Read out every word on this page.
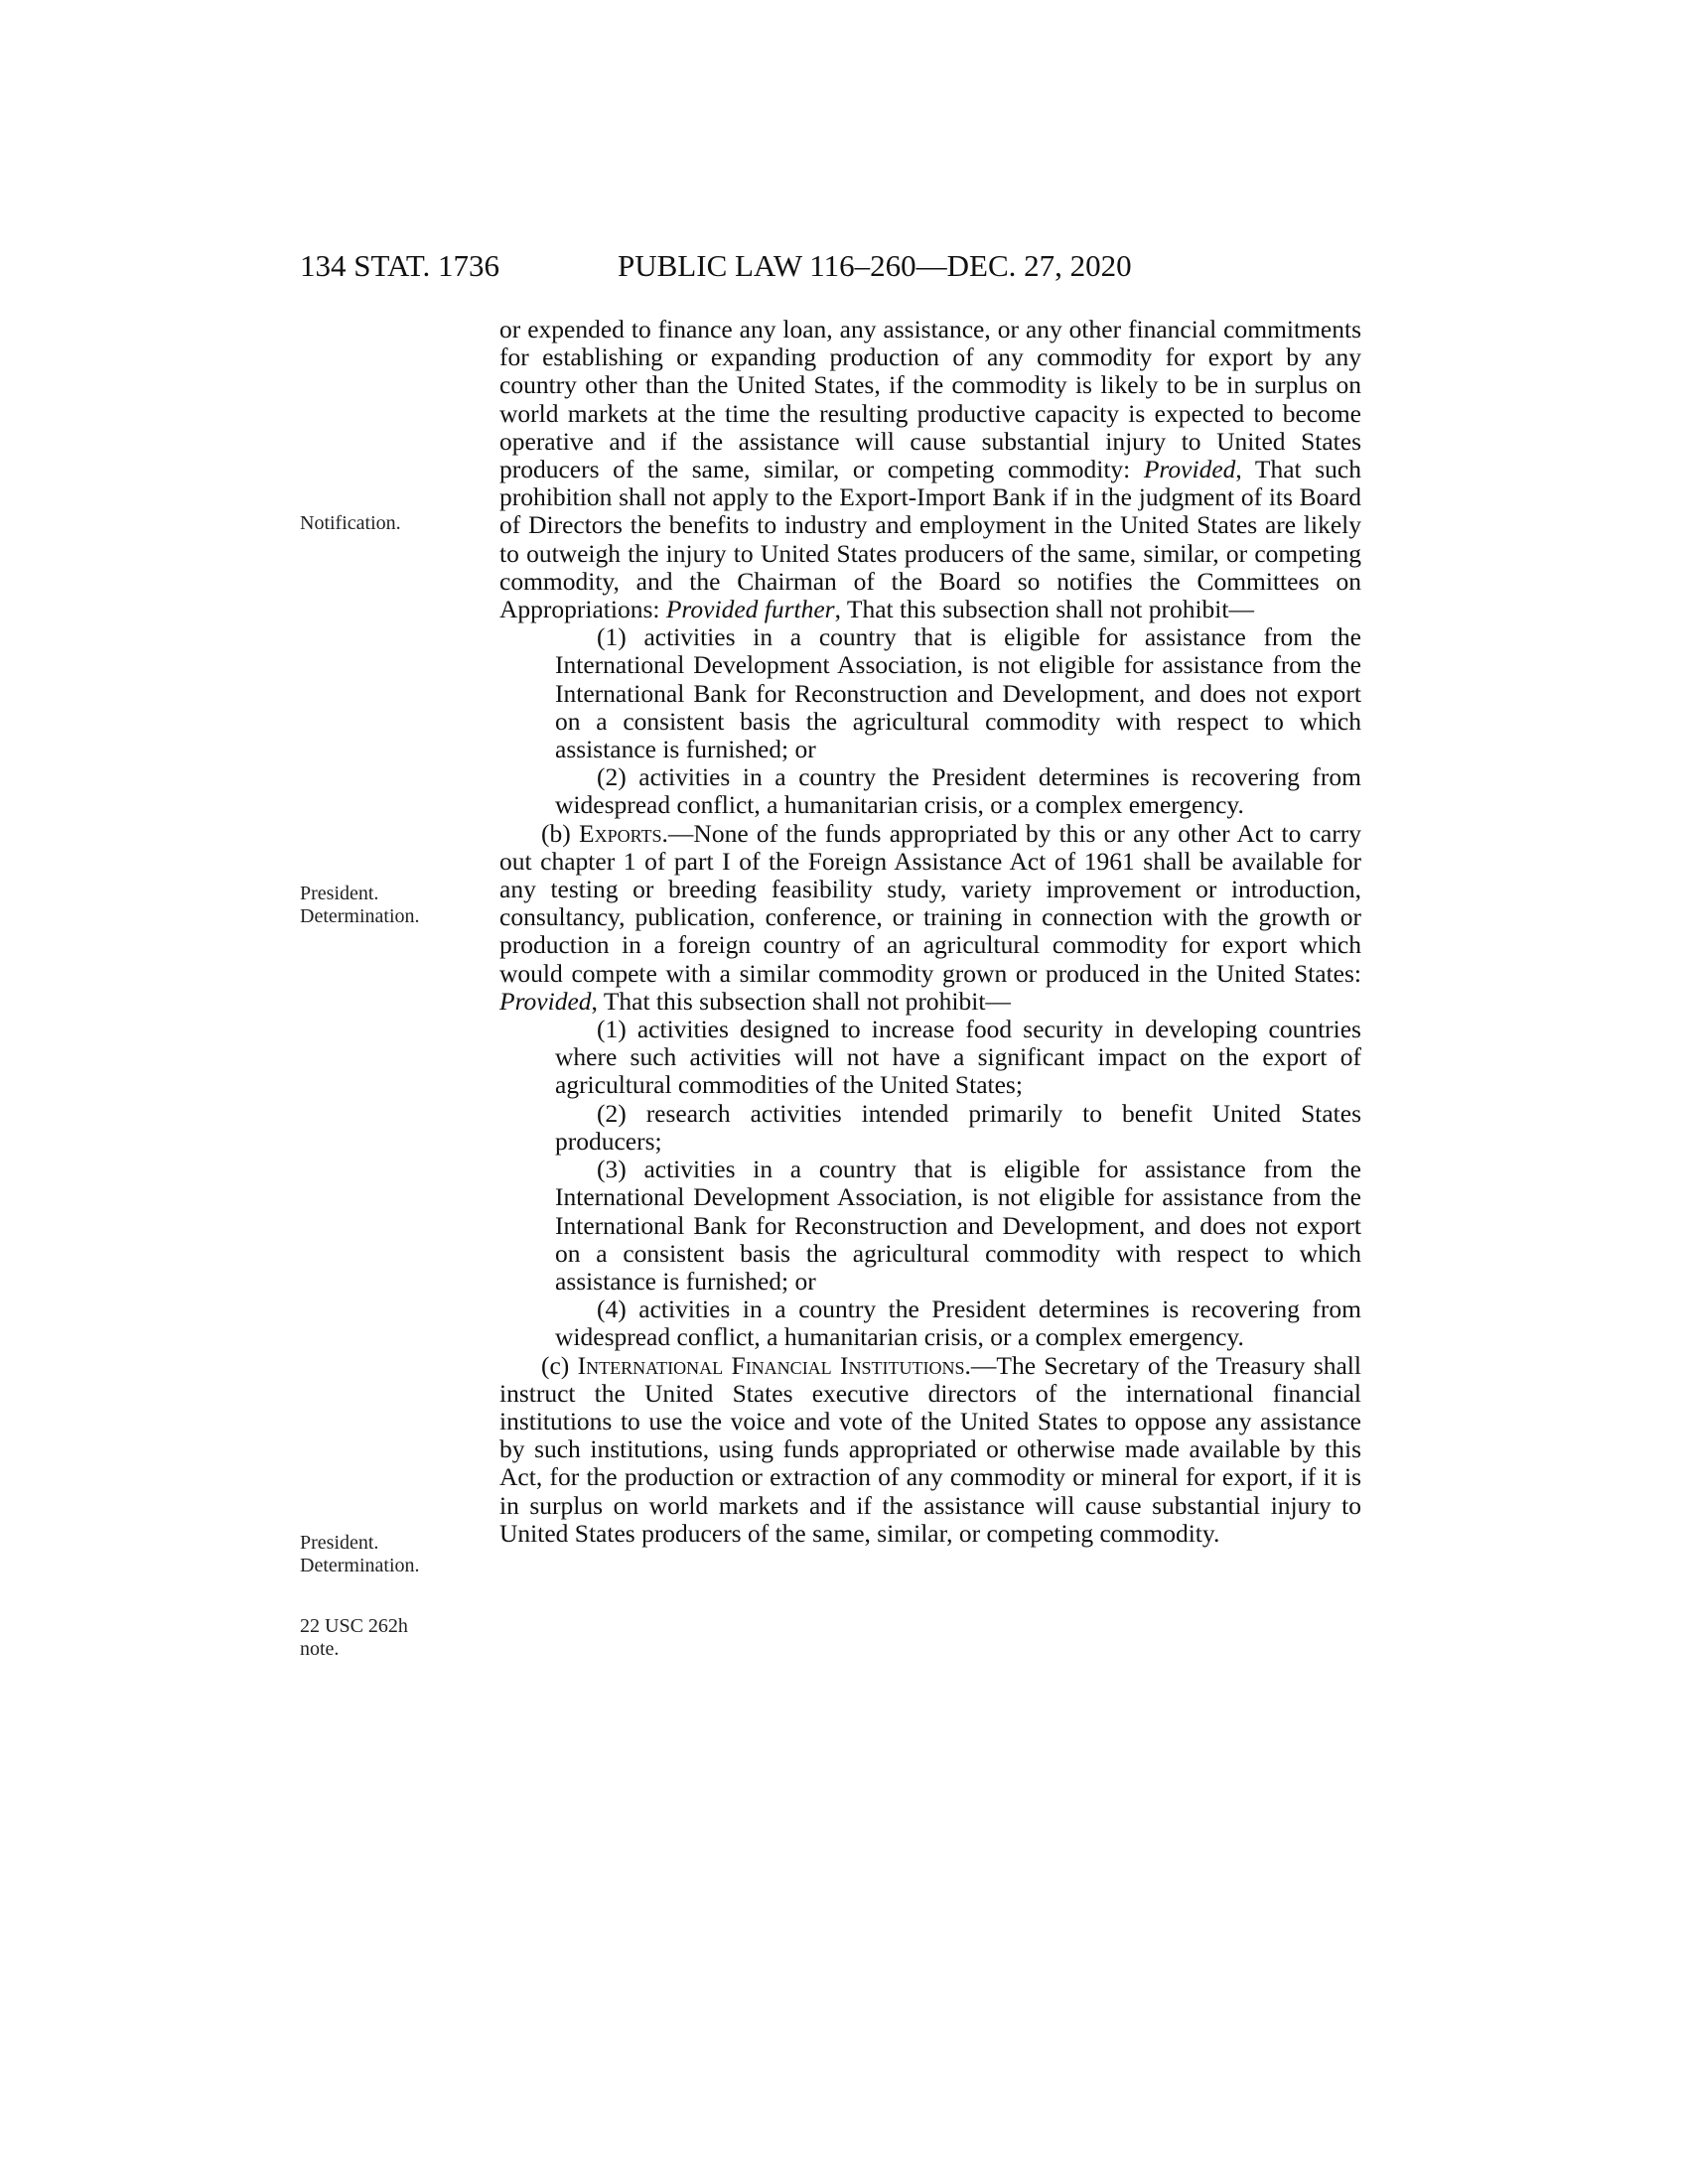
134 STAT. 1736	PUBLIC LAW 116–260—DEC. 27, 2020
Notification.
President.
Determination.
President.
Determination.
22 USC 262h
note.

or expended to finance any loan, any assistance, or any other financial commitments for establishing or expanding production of any commodity for export by any country other than the United States, if the commodity is likely to be in surplus on world markets at the time the resulting productive capacity is expected to become operative and if the assistance will cause substantial injury to United States producers of the same, similar, or competing commodity: Provided, That such prohibition shall not apply to the Export-Import Bank if in the judgment of its Board of Directors the benefits to industry and employment in the United States are likely to outweigh the injury to United States producers of the same, similar, or competing commodity, and the Chairman of the Board so notifies the Committees on Appropriations: Provided further, That this subsection shall not prohibit—

(1) activities in a country that is eligible for assistance from the International Development Association, is not eligible for assistance from the International Bank for Reconstruction and Development, and does not export on a consistent basis the agricultural commodity with respect to which assistance is furnished; or

(2) activities in a country the President determines is recovering from widespread conflict, a humanitarian crisis, or a complex emergency.

(b) Exports.—None of the funds appropriated by this or any other Act to carry out chapter 1 of part I of the Foreign Assistance Act of 1961 shall be available for any testing or breeding feasibility study, variety improvement or introduction, consultancy, publication, conference, or training in connection with the growth or production in a foreign country of an agricultural commodity for export which would compete with a similar commodity grown or produced in the United States: Provided, That this subsection shall not prohibit—

(1) activities designed to increase food security in developing countries where such activities will not have a significant impact on the export of agricultural commodities of the United States;

(2) research activities intended primarily to benefit United States producers;

(3) activities in a country that is eligible for assistance from the International Development Association, is not eligible for assistance from the International Bank for Reconstruction and Development, and does not export on a consistent basis the agricultural commodity with respect to which assistance is furnished; or

(4) activities in a country the President determines is recovering from widespread conflict, a humanitarian crisis, or a complex emergency.

(c) International Financial Institutions.—The Secretary of the Treasury shall instruct the United States executive directors of the international financial institutions to use the voice and vote of the United States to oppose any assistance by such institutions, using funds appropriated or otherwise made available by this Act, for the production or extraction of any commodity or mineral for export, if it is in surplus on world markets and if the assistance will cause substantial injury to United States producers of the same, similar, or competing commodity.
